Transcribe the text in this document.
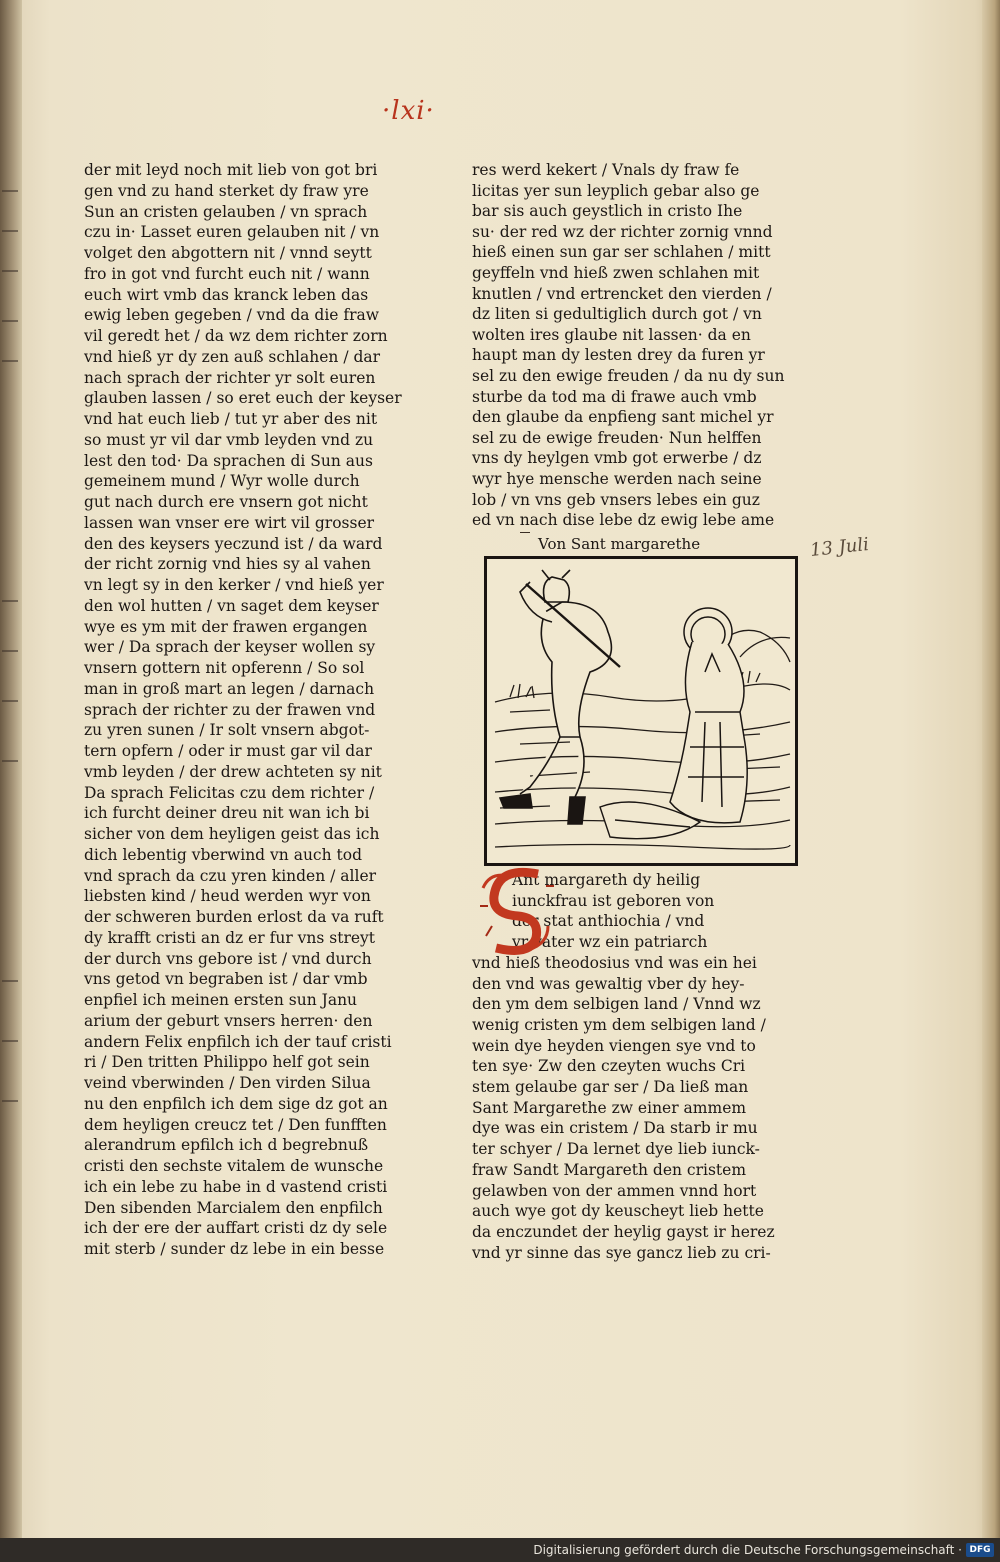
·lxi·
der mit leyd noch mit lieb von got bri
gen vnd zu hand sterket dy fraw yre
Sun an cristen gelauben / vn sprach
czu in· Lasset euren gelauben nit / vn
volget den abgottern nit / vnnd seytt
fro in got vnd furcht euch nit / wann
euch wirt vmb das kranck leben das
ewig leben gegeben / vnd da die fraw
vil geredt het / da wz dem richter zorn
vnd hieß yr dy zen auß schlahen / dar
nach sprach der richter yr solt euren
glauben lassen / so eret euch der keyser
vnd hat euch lieb / tut yr aber des nit
so must yr vil dar vmb leyden vnd zu
lest den tod· Da sprachen di Sun aus
gemeinem mund / Wyr wolle durch
gut nach durch ere vnsern got nicht
lassen wan vnser ere wirt vil grosser
den des keysers yeczund ist / da ward
der richt zornig vnd hies sy al vahen
vn legt sy in den kerker / vnd hieß yer
den wol hutten / vn saget dem keyser
wye es ym mit der frawen ergangen
wer / Da sprach der keyser wollen sy
vnsern gottern nit opferenn / So sol
man in groß mart an legen / darnach
sprach der richter zu der frawen vnd
zu yren sunen / Ir solt vnsern abgot-
tern opfern / oder ir must gar vil dar
vmb leyden / der drew achteten sy nit
Da sprach Felicitas czu dem richter /
ich furcht deiner dreu nit wan ich bi
sicher von dem heyligen geist das ich
dich lebentig vberwind vn auch tod
vnd sprach da czu yren kinden / aller
liebsten kind / heud werden wyr von
der schweren burden erlost da va ruft
dy krafft cristi an dz er fur vns streyt
der durch vns gebore ist / vnd durch
vns getod vn begraben ist / dar vmb
enpfiel ich meinen ersten sun Janu
arium der geburt vnsers herren· den
andern Felix enpfilch ich der tauf cristi
ri / Den tritten Philippo helf got sein
veind vberwinden / Den virden Silua
nu den enpfilch ich dem sige dz got an
dem heyligen creucz tet / Den funfften
alerandrum epfilch ich d begrebnuß
cristi den sechste vitalem de wunsche
ich ein lebe zu habe in d vastend cristi
Den sibenden Marcialem den enpfilch
ich der ere der auffart cristi dz dy sele
mit sterb / sunder dz lebe in ein besse
res werd kekert / Vnals dy fraw fe
licitas yer sun leyplich gebar also ge
bar sis auch geystlich in cristo Ihe
su· der red wz der richter zornig vnnd
hieß einen sun gar ser schlahen / mitt
geyffeln vnd hieß zwen schlahen mit
knutlen / vnd ertrencket den vierden /
dz liten si gedultiglich durch got / vn
wolten ires glaube nit lassen· da en
haupt man dy lesten drey da furen yr
sel zu den ewige freuden / da nu dy sun
sturbe da tod ma di frawe auch vmb
den glaube da enpfieng sant michel yr
sel zu de ewige freuden· Nun helffen
vns dy heylgen vmb got erwerbe / dz
wyr hye mensche werden nach seine
lob / vn vns geb vnsers lebes ein guz
ed vn nach dise lebe dz ewig lebe ame
Ant margareth dy heilig
iunckfrau ist geboren von
der stat anthiochia / vnd
yr vater wz ein patriarch
vnd hieß theodosius vnd was ein hei
den vnd was gewaltig vber dy hey-
den ym dem selbigen land / Vnnd wz
wenig cristen ym dem selbigen land /
wein dye heyden viengen sye vnd to
ten sye· Zw den czeyten wuchs Cri
stem gelaube gar ser / Da ließ man
Sant Margarethe zw einer ammem
dye was ein cristem / Da starb ir mu
ter schyer / Da lernet dye lieb iunck-
fraw Sandt Margareth den cristem
gelawben von der ammen vnnd hort
auch wye got dy keuscheyt lieb hette
da enczundet der heylig gayst ir herez
vnd yr sinne das sye gancz lieb zu cri-
Von Sant margarethe	13 Juli
Digitalisierung gefördert durch die Deutsche Forschungsgemeinschaft · DFG
